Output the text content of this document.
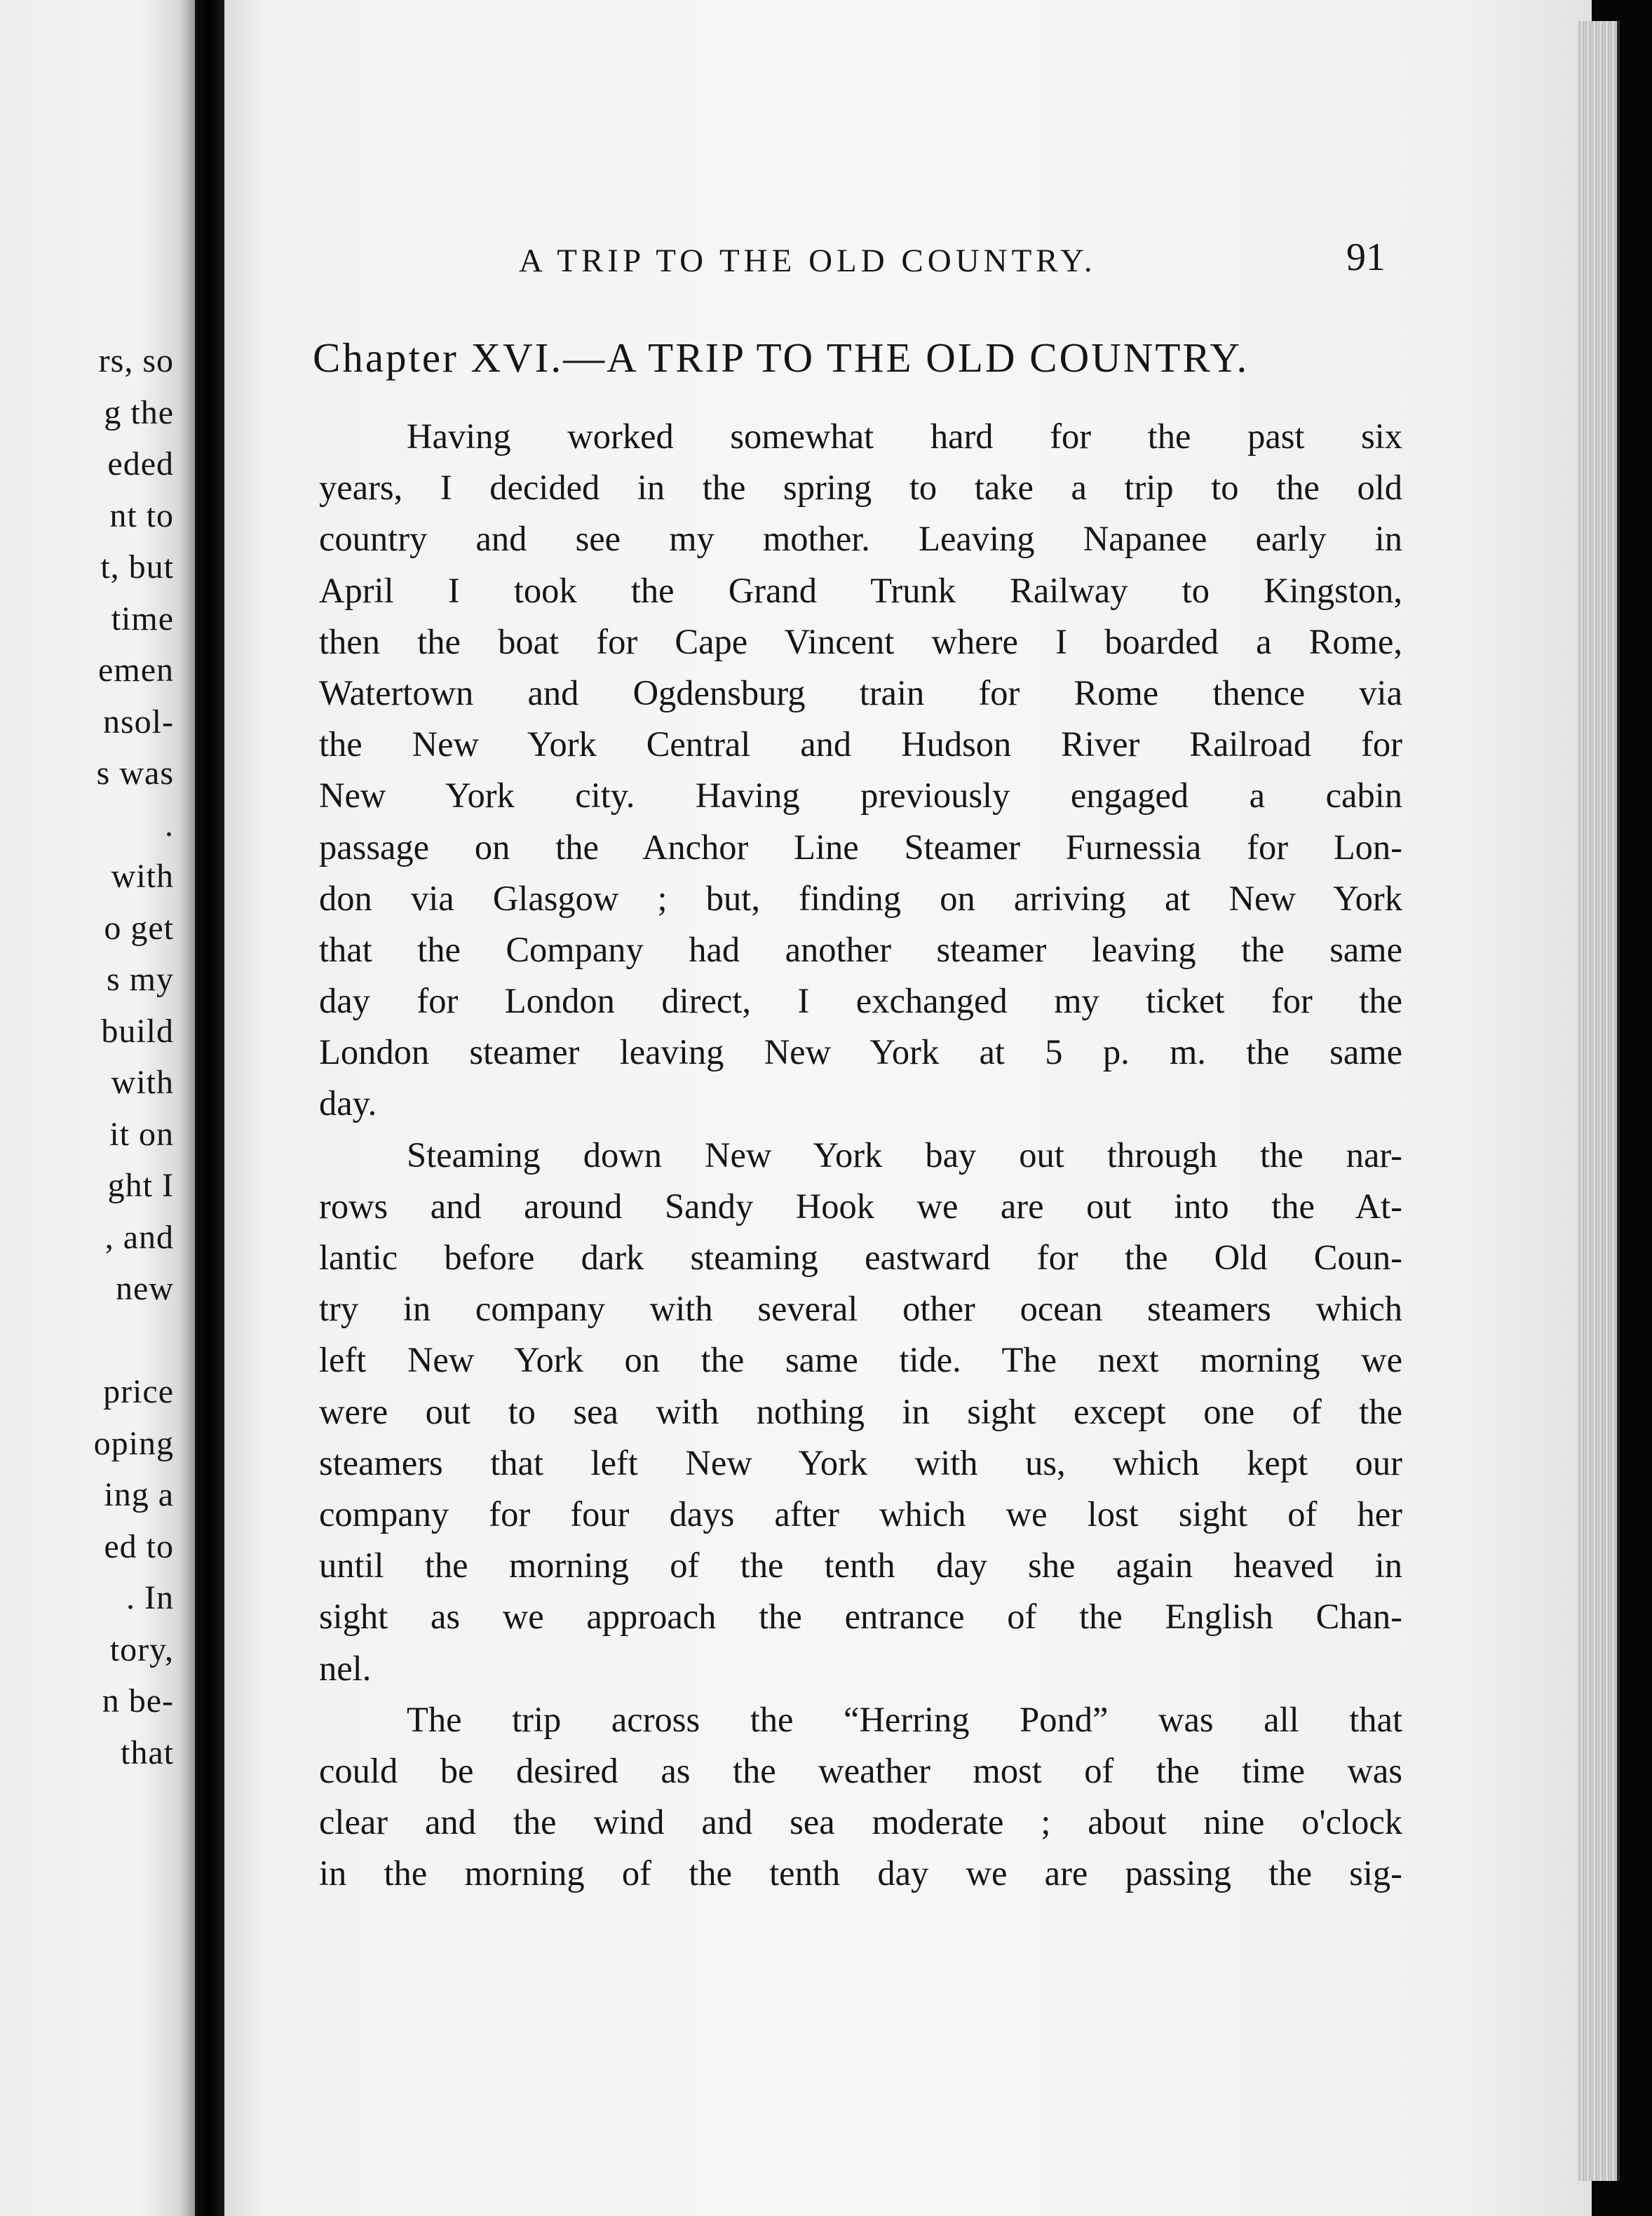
rs, so
g the
eded
nt to
t, but
time
emen
nsol-
s was
.
with
o get
s my
build
with
it on
ght I
, and
new
price
oping
ing a
ed to
. In
tory,
n be-
that
A TRIP TO THE OLD COUNTRY.	91
Chapter XVI.—A TRIP TO THE OLD COUNTRY.
Having worked somewhat hard for the past six
years, I decided in the spring to take a trip to the old
country and see my mother. Leaving Napanee early in
April I took the Grand Trunk Railway to Kingston,
then the boat for Cape Vincent where I boarded a Rome,
Watertown and Ogdensburg train for Rome thence via
the New York Central and Hudson River Railroad for
New York city. Having previously engaged a cabin
passage on the Anchor Line Steamer Furnessia for Lon-
don via Glasgow ; but, finding on arriving at New York
that the Company had another steamer leaving the same
day for London direct, I exchanged my ticket for the
London steamer leaving New York at 5 p. m. the same
day.
Steaming down New York bay out through the nar-
rows and around Sandy Hook we are out into the At-
lantic before dark steaming eastward for the Old Coun-
try in company with several other ocean steamers which
left New York on the same tide. The next morning we
were out to sea with nothing in sight except one of the
steamers that left New York with us, which kept our
company for four days after which we lost sight of her
until the morning of the tenth day she again heaved in
sight as we approach the entrance of the English Chan-
nel.
The trip across the “Herring Pond” was all that
could be desired as the weather most of the time was
clear and the wind and sea moderate ; about nine o'clock
in the morning of the tenth day we are passing the sig-
